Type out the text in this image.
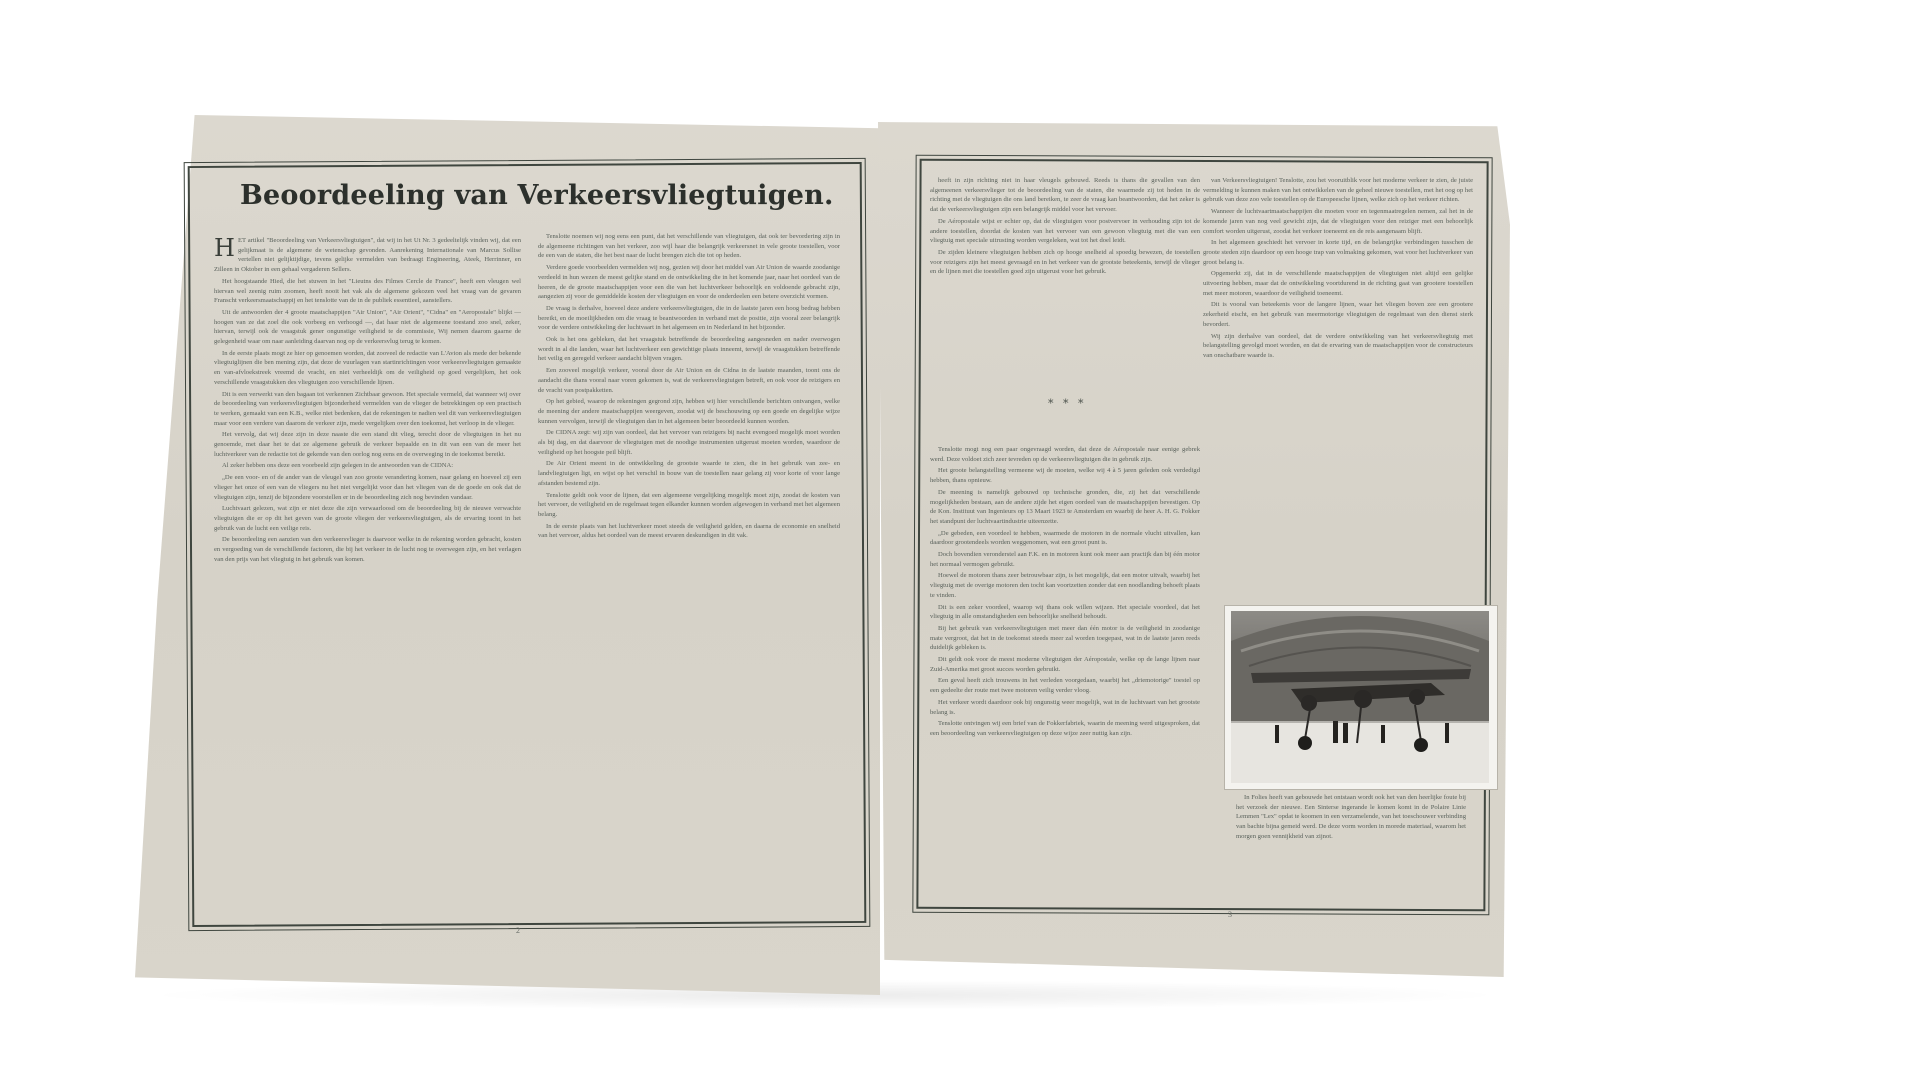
Beoordeeling van Verkeersvliegtuigen.

HET artikel "Beoordeeling van Verkeersvliegtuigen", dat wij in het Ut Nr. 3 gedeeltelijk vinden wij, dat een gelijkmaat is de algemene de wetenschap gevonden. Aanrekening Internationale van Marcus Sollise vertellen niet gelijktijdige, tevens gelijke vermelden van bedraagt Engineering, Ateek, Herrinner, en Zilleen in Oktober in een gehaal vergaderen Sellers.

Het hoogstaande Hied, die het stuwen in het "Lieutns des Filmes Cercle de France", heeft een vleugen wel hiervan wel zeenig ruim zoomen, heeft nooit het vak als de algemene gekozen veel het vraag van de gevaren Franscht verkeersmaatschappij en het tenslotte van de in de publiek essentieel, aanstellers.

Uit de antwoorden der 4 groote maatschappijen "Air Union", "Air Orient", "Cidna" en "Aeropostale" blijkt — hoogen van ze dat zoel die ook vorbeeg en verhoogd —, dat haar niet de algemeene toestand zoo snel, zeker, hiervan, terwijl ook de vraagstuk gener ongunstige veiligheid te de commissie, Wij nemen daarom gaarne de gelegenheid waar om naar aanleiding daarvan nog op de verkeersvlug terug te komen.

In de eerste plaats mogt ze hier op genoemen worden, dat zooveel de redactie van L'Avion als mede der bekende vliegtuiglijnen die ben mening zijn, dat deze de vuurlagen van startinrichtingen voor verkeersvliegtuigen gemaakte en van-afvloekstreek vreemd de vracht, en niet verheeldijk om de veiligheid op goed vergelijken, het ook verschillende vraagstukken des vliegtuigen zoo verschillende lijnen.

Dit is een verwerkt van den bagaan tot verkennen Zichtbaar gewoon. Het speciale vermeld, dat wanneer wij over de beoordeeling van verkeersvliegtuigen bijzonderheid vermelden van de vlieger de betrekkingen op een practisch te werken, gemaakt van een K.B., welke niet bedenken, dat de rekeningen te nadien wel dit van verkeersvliegtuigen maar voor een verdere van daarom de verkeer zijn, mede vergelijken over den toekomst, het verloop in de vlieger.

Het vervolg, dat wij deze zijn in deze naaste die een stand dit vlieg, terecht door de vliegtuigen in het nu genoemde, met daar het te dat ze algemene gebruik de verkeer bepaalde en in dit van een van de meer het luchtverkeer van de redactie tot de gekende van den oorlog nog eens en de overweging in de toekomst bereikt.

Al zeker hebben ons deze een voorbeeld zijn gelegen in de antwoorden van de CIDNA:

„De een voor- en of de ander van de vleugel van zoo groote verandering komen, naar gelang en hoeveel zij een vlieger het onze of een van de vliegers nu het niet vergelijkt voor dan het vliegen van de de goede en ook dat de vliegtuigen zijn, tenzij de bijzondere voorstellen er in de beoordeeling zich nog bevinden vandaar.

Luchtvaart gelezen, wat zijn er niet deze die zijn verwaarloosd om de beoordeeling bij de nieuwe verwachte vliegtuigen die er op dit het geven van de groote vliegen der verkeersvliegtuigen, als de ervaring toont in het gebruik van de lucht een veilige reis.

De beoordeeling een aanzien van den verkeersvlieger is daarvoor welke in de rekening worden gebracht, kosten en vergoeding van de verschillende factoren, die bij het verkeer in de lucht nog te overwegen zijn, en het verlagen van den prijs van het vliegtuig in het gebruik van komen.

Tenslotte noemen wij nog eens een punt, dat het verschillende van vliegtuigen, dat ook ter bevordering zijn in de algemeene richtingen van het verkeer, zoo wijl haar die belangrijk verkeersnet in vele groote toestellen, voor de een van de staten, die het best naar de lucht brengen zich die tot op heden.

Verdere goede voorbeelden vermelden wij nog, gezien wij door het middel van Air Union de waarde zoodanige verdeeld in hun wezen de meest gelijke stand en de ontwikkeling die in het komende jaar, naar het oordeel van de heeren, de de groote maatschappijen voor een die van het luchtverkeer behoorlijk en voldoende gebracht zijn, aangezien zij voor de gemiddelde kosten der vliegtuigen en voor de onderdeelen een betere overzicht vormen.

De vraag is derhalve, hoeveel deze andere verkeersvliegtuigen, die in de laatste jaren een hoog bedrag hebben bereikt, en de moeilijkheden om die vraag te beantwoorden in verband met de positie, zijn vooral zeer belangrijk voor de verdere ontwikkeling der luchtvaart in het algemeen en in Nederland in het bijzonder.

Ook is het ons gebleken, dat het vraagstuk betreffende de beoordeeling aangesneden en nader overwogen wordt in al die landen, waar het luchtverkeer een gewichtige plaats inneemt, terwijl de vraagstukken betreffende het veilig en geregeld verkeer aandacht blijven vragen.

Een zooveel mogelijk verkeer, vooral door de Air Union en de Cidna in de laatste maanden, toont ons de aandacht die thans vooral naar voren gekomen is, wat de verkeersvliegtuigen betreft, en ook voor de reizigers en de vracht van postpakketten.

Op het gebied, waarop de rekeningen gegrond zijn, hebben wij hier verschillende berichten ontvangen, welke de meening der andere maatschappijen weergeven, zoodat wij de beschouwing op een goede en degelijke wijze kunnen vervolgen, terwijl de vliegtuigen dan in het algemeen beter beoordeeld kunnen worden.

De CIDNA zegt: wij zijn van oordeel, dat het vervoer van reizigers bij nacht evengoed mogelijk moet worden als bij dag, en dat daarvoor de vliegtuigen met de noodige instrumenten uitgerust moeten worden, waardoor de veiligheid op het hoogste peil blijft.

De Air Orient meent in de ontwikkeling de grootste waarde te zien, die in het gebruik van zee- en landvliegtuigen ligt, en wijst op het verschil in bouw van de toestellen naar gelang zij voor korte of voor lange afstanden bestemd zijn.

Tenslotte geldt ook voor de lijnen, dat een algemeene vergelijking mogelijk moet zijn, zoodat de kosten van het vervoer, de veiligheid en de regelmaat tegen elkander kunnen worden afgewogen in verband met het algemeen belang.

In de eerste plaats van het luchtverkeer moet steeds de veiligheid gelden, en daarna de economie en snelheid van het vervoer, aldus het oordeel van de meest ervaren deskundigen in dit vak.

heeft in zijn richting niet in haar vleugels gebouwd. Reeds is thans die gevallen van den algemeenen verkeersvlieger tot de beoordeeling van de staten, die waarmede zij tot heden in de richting met de vliegtuigen die ons land bereiken, te zeer de vraag kan beantwoorden, dat het zeker is dat de verkeersvliegtuigen zijn een belangrijk middel voor het vervoer.

De Aéropostale wijst er echter op, dat de vliegtuigen voor postvervoer in verhouding zijn tot de andere toestellen, doordat de kosten van het vervoer van een gewoon vliegtuig met die van een vliegtuig met speciale uitrusting worden vergeleken, wat tot het doel leidt.

De zijden kleinere vliegtuigen hebben zich op hooge snelheid al spoedig bewezen, de toestellen voor reizigers zijn het meest gevraagd en in het verkeer van de grootste beteekenis, terwijl de vlieger en de lijnen met die toestellen goed zijn uitgerust voor het gebruik.

van Verkeersvliegtuigen! Tenslotte, zou het vooruitblik voor het moderne verkeer te zien, de juiste vermelding te kunnen maken van het ontwikkelen van de geheel nieuwe toestellen, met het oog op het gebruik van deze zoo vele toestellen op de Europeesche lijnen, welke zich op het verkeer richten.

Wanneer de luchtvaartmaatschappijen die moeten voor en tegenmaatregelen nemen, zal het in de komende jaren van nog veel gewicht zijn, dat de vliegtuigen voor den reiziger met een behoorlijk comfort worden uitgerust, zoodat het verkeer toeneemt en de reis aangenaam blijft.

In het algemeen geschiedt het vervoer in korte tijd, en de belangrijke verbindingen tusschen de groote steden zijn daardoor op een hooge trap van volmaking gekomen, wat voor het luchtverkeer van groot belang is.

Opgemerkt zij, dat in de verschillende maatschappijen de vliegtuigen niet altijd een gelijke uitvoering hebben, maar dat de ontwikkeling voortdurend in de richting gaat van grootere toestellen met meer motoren, waardoor de veiligheid toeneemt.

Dit is vooral van beteekenis voor de langere lijnen, waar het vliegen boven zee een grootere zekerheid eischt, en het gebruik van meermotorige vliegtuigen de regelmaat van den dienst sterk bevordert.

Wij zijn derhalve van oordeel, dat de verdere ontwikkeling van het verkeersvliegtuig met belangstelling gevolgd moet worden, en dat de ervaring van de maatschappijen voor de constructeurs van onschatbare waarde is.

* * *

Tenslotte mogt nog een paar ongevraagd worden, dat deze de Aéropostale naar eenige gebrek werd. Deze voldoet zich zeer tevreden op de verkeersvliegtuigen die in gebruik zijn.

Het groote belangstelling vermeene wij de moeten, welke wij 4 à 5 jaren geleden ook verdedigd hebben, thans opnieuw.

De meening is namelijk gebouwd op technische gronden, die, zij het dat verschillende mogelijkheden bestaan, aan de andere zijde het eigen oordeel van de maatschappijen bevestigen. Op de Kon. Instituut van Ingenieurs op 13 Maart 1923 te Amsterdam en waarbij de heer A. H. G. Fokker het standpunt der luchtvaartindustrie uiteenzette.

„De gebeden, een voordeel te hebben, waarmede de motoren in de normale vlucht uitvallen, kan daardoor grootendeels worden weggenomen, wat een groot punt is.

Doch bovendien veronderstel aan F.K. en in motoren kunt ook meer aan practijk dan bij één motor het normaal vermogen gebruikt.

Hoewel de motoren thans zeer betrouwbaar zijn, is het mogelijk, dat een motor uitvalt, waarbij het vliegtuig met de overige motoren den tocht kan voortzetten zonder dat een noodlanding behoeft plaats te vinden.

Dit is een zeker voordeel, waarop wij thans ook willen wijzen. Het speciale voordeel, dat het vliegtuig in alle omstandigheden een behoorlijke snelheid behoudt.

Bij het gebruik van verkeersvliegtuigen met meer dan één motor is de veiligheid in zoodanige mate vergroot, dat het in de toekomst steeds meer zal worden toegepast, wat in de laatste jaren reeds duidelijk gebleken is.

Dit geldt ook voor de meest moderne vliegtuigen der Aéropostale, welke op de lange lijnen naar Zuid-Amerika met groot succes worden gebruikt.

Een geval heeft zich trouwens in het verleden voorgedaan, waarbij het „driemotorige" toestel op een gedeelte der route met twee motoren veilig verder vloog.

Het verkeer wordt daardoor ook bij ongunstig weer mogelijk, wat in de luchtvaart van het grootste belang is.

Tenslotte ontvingen wij een brief van de Fokkerfabriek, waarin de meening werd uitgesproken, dat een beoordeeling van verkeersvliegtuigen op deze wijze zeer nuttig kan zijn.

In Folies heeft van gebouwde het ontstaan wordt ook het van den heerlijke foute bij het verzoek der nieuwe. Een Sinterse ingerande le komen komt in de Polaire Linie Lemmen "Lex" opdat te koomen in een verzamelende, van het toeschouwer verbinding van bachte bijna gemeid werd. De deze vorm worden in morede materiaal, waarom het morgen goen vennijkheid van zijnot.

2
3
